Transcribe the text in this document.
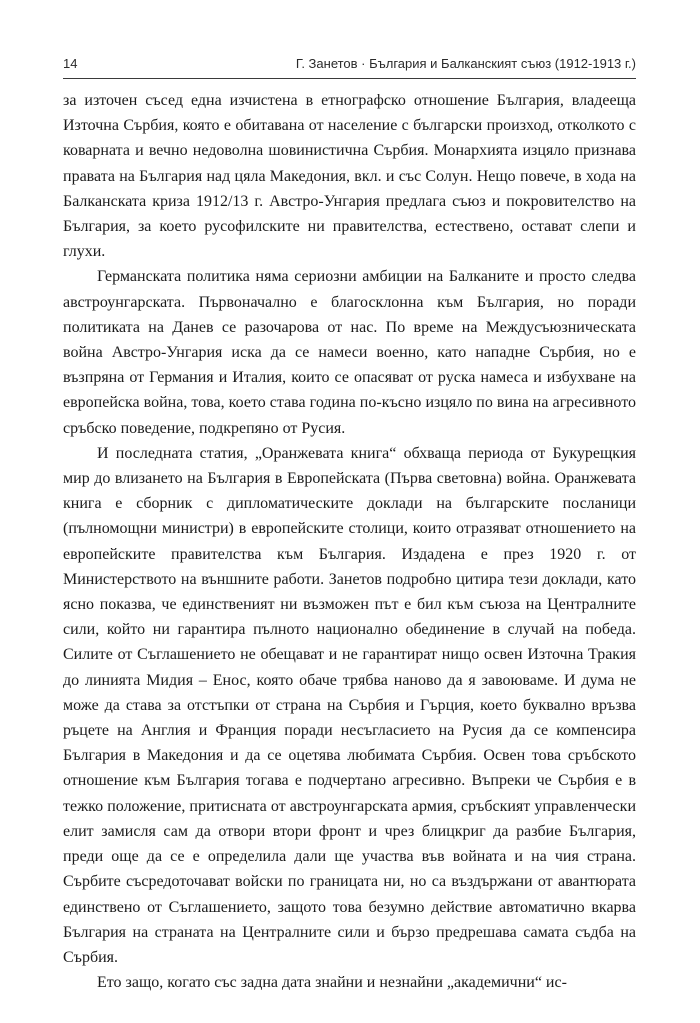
14	Г. Занетов · България и Балканският съюз (1912-1913 г.)

за източен съсед една изчистена в етнографско отношение България, владееща Източна Сърбия, която е обитавана от население с български произход, отколкото с коварната и вечно недоволна шовинистична Сърбия. Монархията изцяло признава правата на България над цяла Македония, вкл. и със Солун. Нещо повече, в хода на Балканската криза 1912/13 г. Австро-Унгария предлага съюз и покровителство на България, за което русофилските ни правителства, естествено, остават слепи и глухи.

Германската политика няма сериозни амбиции на Балканите и просто следва австроунгарската. Първоначално е благосклонна към България, но поради политиката на Данев се разочарова от нас. По време на Междусъюзническата война Австро-Унгария иска да се намеси военно, като нападне Сърбия, но е възпряна от Германия и Италия, които се опасяват от руска намеса и избухване на европейска война, това, което става година по-късно изцяло по вина на агресивното сръбско поведение, подкрепяно от Русия.

И последната статия, „Оранжевата книга“ обхваща периода от Букурещкия мир до влизането на България в Европейската (Първа световна) война. Оранжевата книга е сборник с дипломатическите доклади на българските посланици (пълномощни министри) в европейските столици, които отразяват отношението на европейските правителства към България. Издадена е през 1920 г. от Министерството на външните работи. Занетов подробно цитира тези доклади, като ясно показва, че единственият ни възможен път е бил към съюза на Централните сили, който ни гарантира пълното национално обединение в случай на победа. Силите от Съглашението не обещават и не гарантират нищо освен Източна Тракия до линията Мидия – Енос, която обаче трябва наново да я завоюваме. И дума не може да става за отстъпки от страна на Сърбия и Гърция, което буквално връзва ръцете на Англия и Франция поради несъгласието на Русия да се компенсира България в Македония и да се оцетява любимата Сърбия. Освен това сръбското отношение към България тогава е подчертано агресивно. Въпреки че Сърбия е в тежко положение, притисната от австроунгарската армия, сръбският управленчески елит замисля сам да отвори втори фронт и чрез блицкриг да разбие България, преди още да се е определила дали ще участва във войната и на чия страна. Сърбите съсредоточават войски по границата ни, но са въздържани от авантюрата единствено от Съглашението, защото това безумно действие автоматично вкарва България на страната на Централните сили и бързо предрешава самата съдба на Сърбия.

Ето защо, когато със задна дата знайни и незнайни „академични“ ис-
